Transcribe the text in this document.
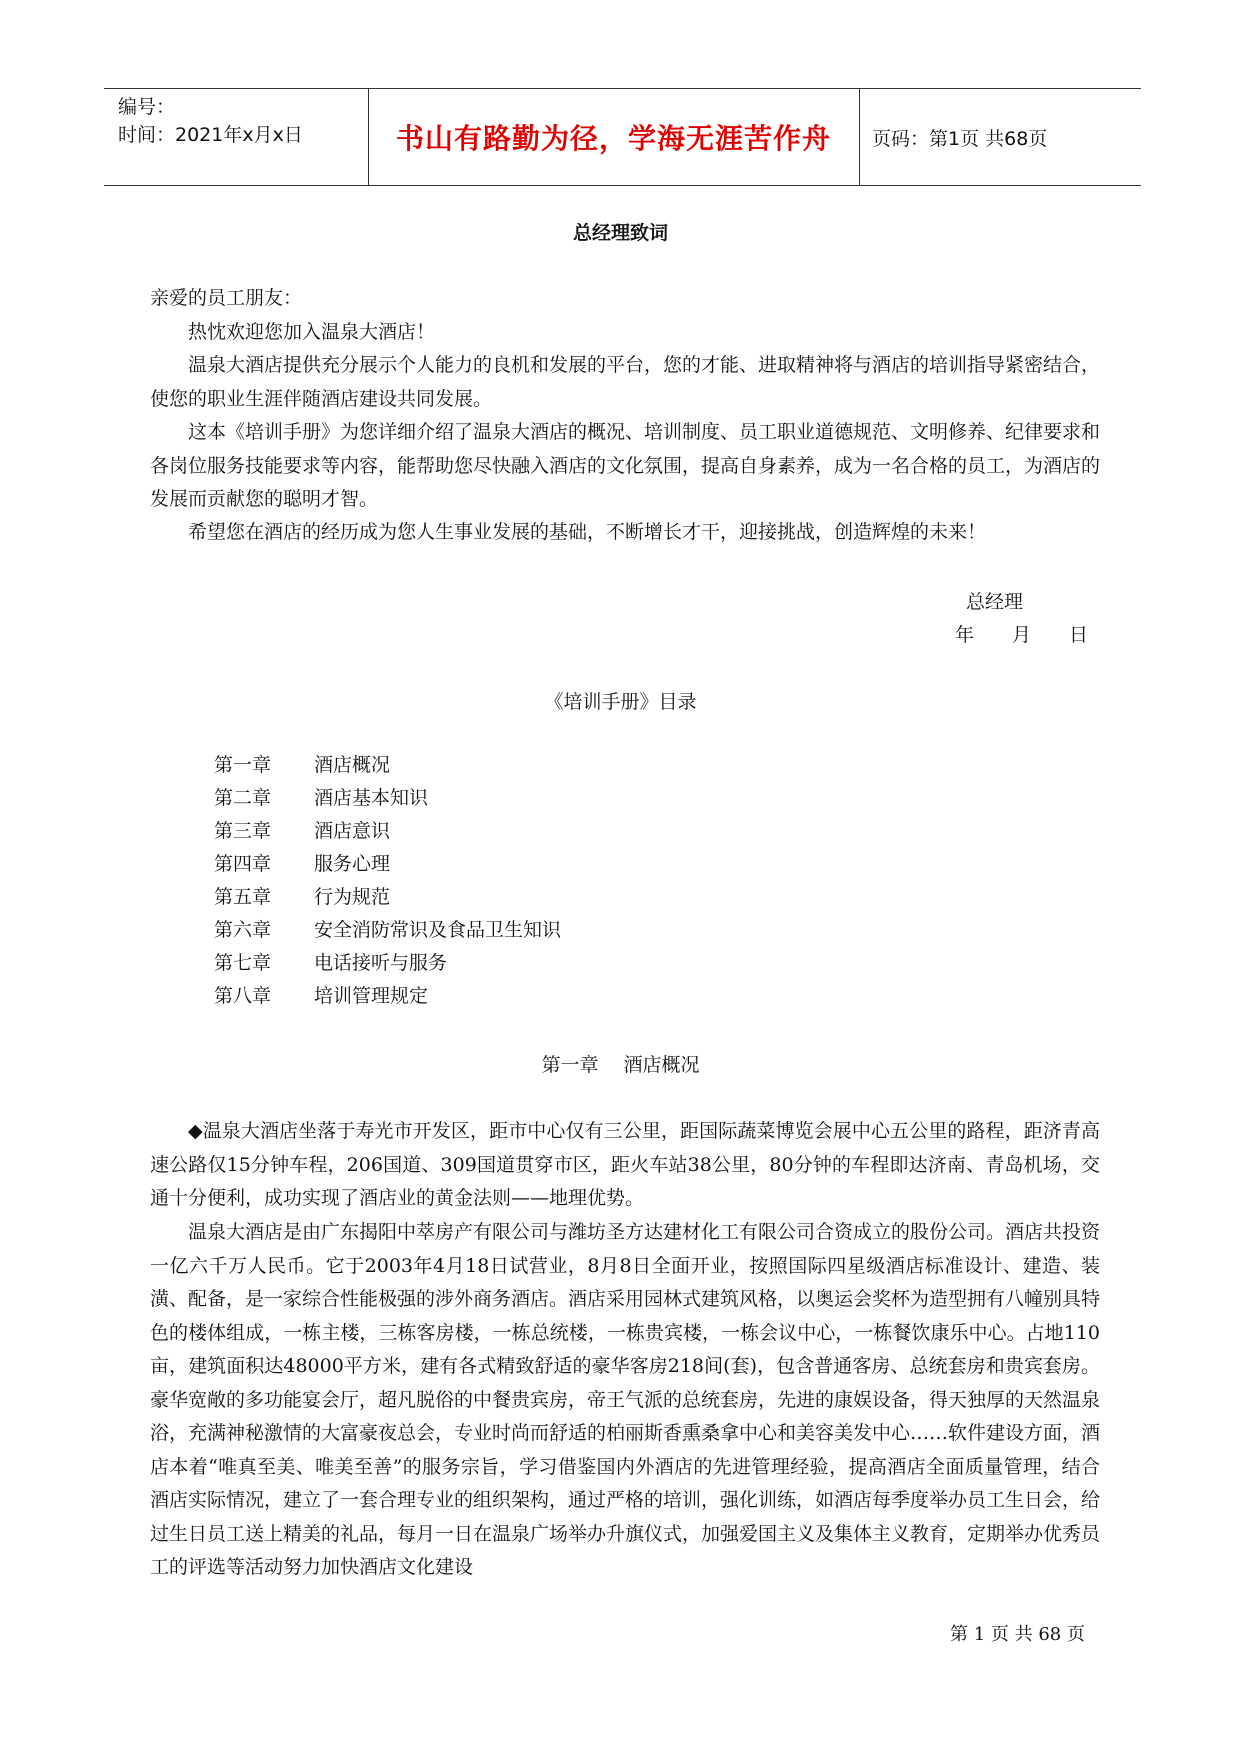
编号：
时间：2021年x月x日	书山有路勤为径，学海无涯苦作舟	页码：第1页 共68页
总经理致词

亲爱的员工朋友：

热忱欢迎您加入温泉大酒店！

温泉大酒店提供充分展示个人能力的良机和发展的平台，您的才能、进取精神将与酒店的培训指导紧密结合，使您的职业生涯伴随酒店建设共同发展。

这本《培训手册》为您详细介绍了温泉大酒店的概况、培训制度、员工职业道德规范、文明修养、纪律要求和各岗位服务技能要求等内容，能帮助您尽快融入酒店的文化氛围，提高自身素养，成为一名合格的员工，为酒店的发展而贡献您的聪明才智。

希望您在酒店的经历成为您人生事业发展的基础，不断增长才干，迎接挑战，创造辉煌的未来！

总经理
年　　月　　日
《培训手册》目录
第一章 酒店概况
第二章 酒店基本知识
第三章 酒店意识
第四章 服务心理
第五章 行为规范
第六章 安全消防常识及食品卫生知识
第七章 电话接听与服务
第八章 培训管理规定
第一章　 酒店概况

◆温泉大酒店坐落于寿光市开发区，距市中心仅有三公里，距国际蔬菜博览会展中心五公里的路程，距济青高速公路仅15分钟车程，206国道、309国道贯穿市区，距火车站38公里，80分钟的车程即达济南、青岛机场，交通十分便利，成功实现了酒店业的黄金法则——地理优势。

温泉大酒店是由广东揭阳中萃房产有限公司与潍坊圣方达建材化工有限公司合资成立的股份公司。酒店共投资一亿六千万人民币。它于2003年4月18日试营业，8月8日全面开业，按照国际四星级酒店标准设计、建造、装潢、配备，是一家综合性能极强的涉外商务酒店。酒店采用园林式建筑风格，以奥运会奖杯为造型拥有八幢别具特色的楼体组成，一栋主楼，三栋客房楼，一栋总统楼，一栋贵宾楼，一栋会议中心，一栋餐饮康乐中心。占地110亩，建筑面积达48000平方米，建有各式精致舒适的豪华客房218间(套)，包含普通客房、总统套房和贵宾套房。豪华宽敞的多功能宴会厅，超凡脱俗的中餐贵宾房，帝王气派的总统套房，先进的康娱设备，得天独厚的天然温泉浴，充满神秘激情的大富豪夜总会，专业时尚而舒适的柏丽斯香熏桑拿中心和美容美发中心……软件建设方面，酒店本着“唯真至美、唯美至善”的服务宗旨，学习借鉴国内外酒店的先进管理经验，提高酒店全面质量管理，结合酒店实际情况，建立了一套合理专业的组织架构，通过严格的培训，强化训练，如酒店每季度举办员工生日会，给过生日员工送上精美的礼品，每月一日在温泉广场举办升旗仪式，加强爱国主义及集体主义教育，定期举办优秀员工的评选等活动努力加快酒店文化建设

第 1 页 共 68 页
